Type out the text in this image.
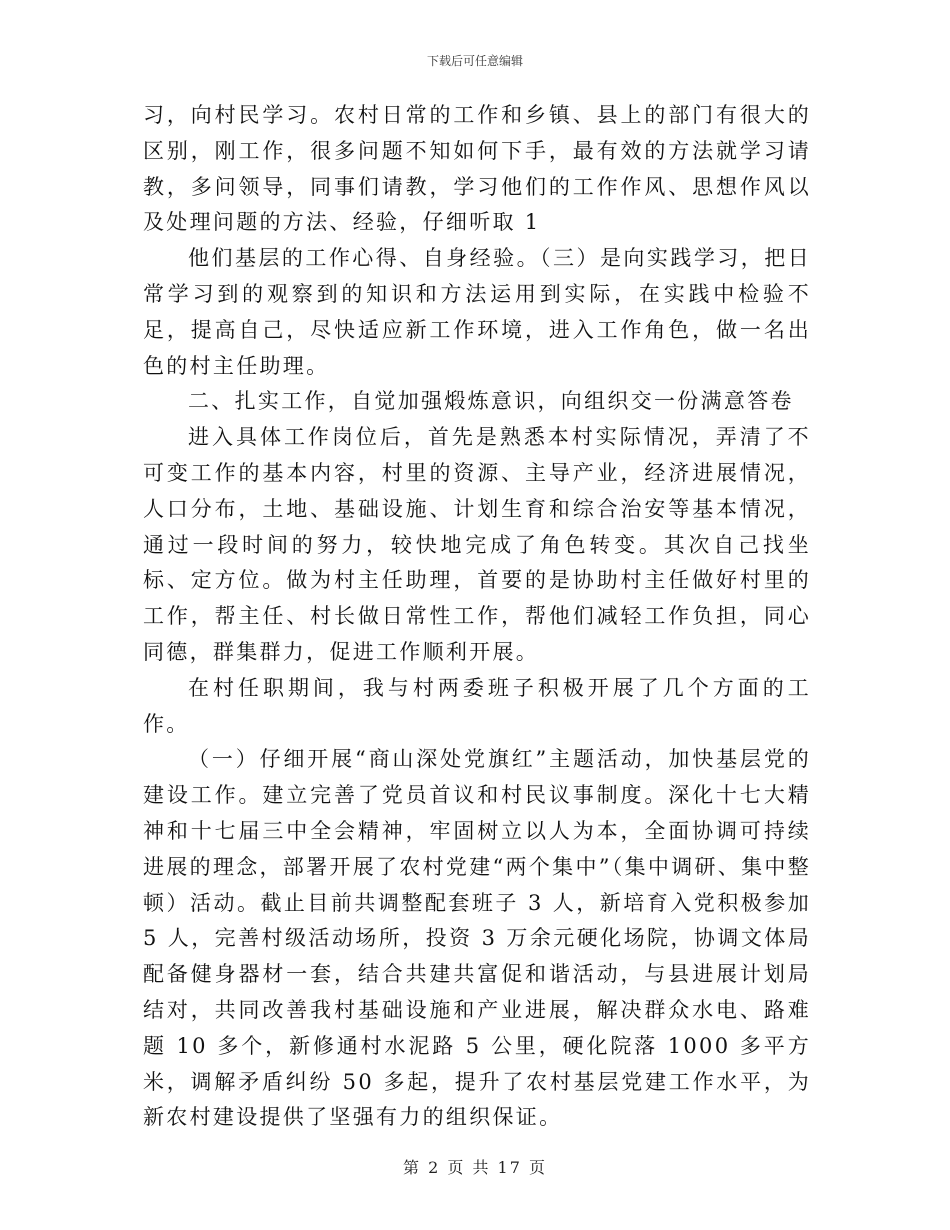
下载后可任意编辑

习，向村民学习。农村日常的工作和乡镇、县上的部门有很大的区别，刚工作，很多问题不知如何下手，最有效的方法就学习请教，多问领导，同事们请教，学习他们的工作作风、思想作风以及处理问题的方法、经验，仔细听取 1

他们基层的工作心得、自身经验。（三）是向实践学习，把日常学习到的观察到的知识和方法运用到实际，在实践中检验不足，提高自己，尽快适应新工作环境，进入工作角色，做一名出色的村主任助理。

二、扎实工作，自觉加强煅炼意识，向组织交一份满意答卷

进入具体工作岗位后，首先是熟悉本村实际情况，弄清了不可变工作的基本内容，村里的资源、主导产业，经济进展情况，人口分布，土地、基础设施、计划生育和综合治安等基本情况，通过一段时间的努力，较快地完成了角色转变。其次自己找坐标、定方位。做为村主任助理，首要的是协助村主任做好村里的工作，帮主任、村长做日常性工作，帮他们减轻工作负担，同心同德，群集群力，促进工作顺利开展。

在村任职期间，我与村两委班子积极开展了几个方面的工作。

（一）仔细开展“商山深处党旗红”主题活动，加快基层党的建设工作。建立完善了党员首议和村民议事制度。深化十七大精神和十七届三中全会精神，牢固树立以人为本，全面协调可持续进展的理念，部署开展了农村党建“两个集中”（集中调研、集中整顿）活动。截止目前共调整配套班子 3 人，新培育入党积极参加 5 人，完善村级活动场所，投资 3 万余元硬化场院，协调文体局配备健身器材一套，结合共建共富促和谐活动，与县进展计划局结对，共同改善我村基础设施和产业进展，解决群众水电、路难题 10 多个，新修通村水泥路 5 公里，硬化院落 1000 多平方米，调解矛盾纠纷 50 多起，提升了农村基层党建工作水平，为新农村建设提供了坚强有力的组织保证。

第 2 页 共 17 页
